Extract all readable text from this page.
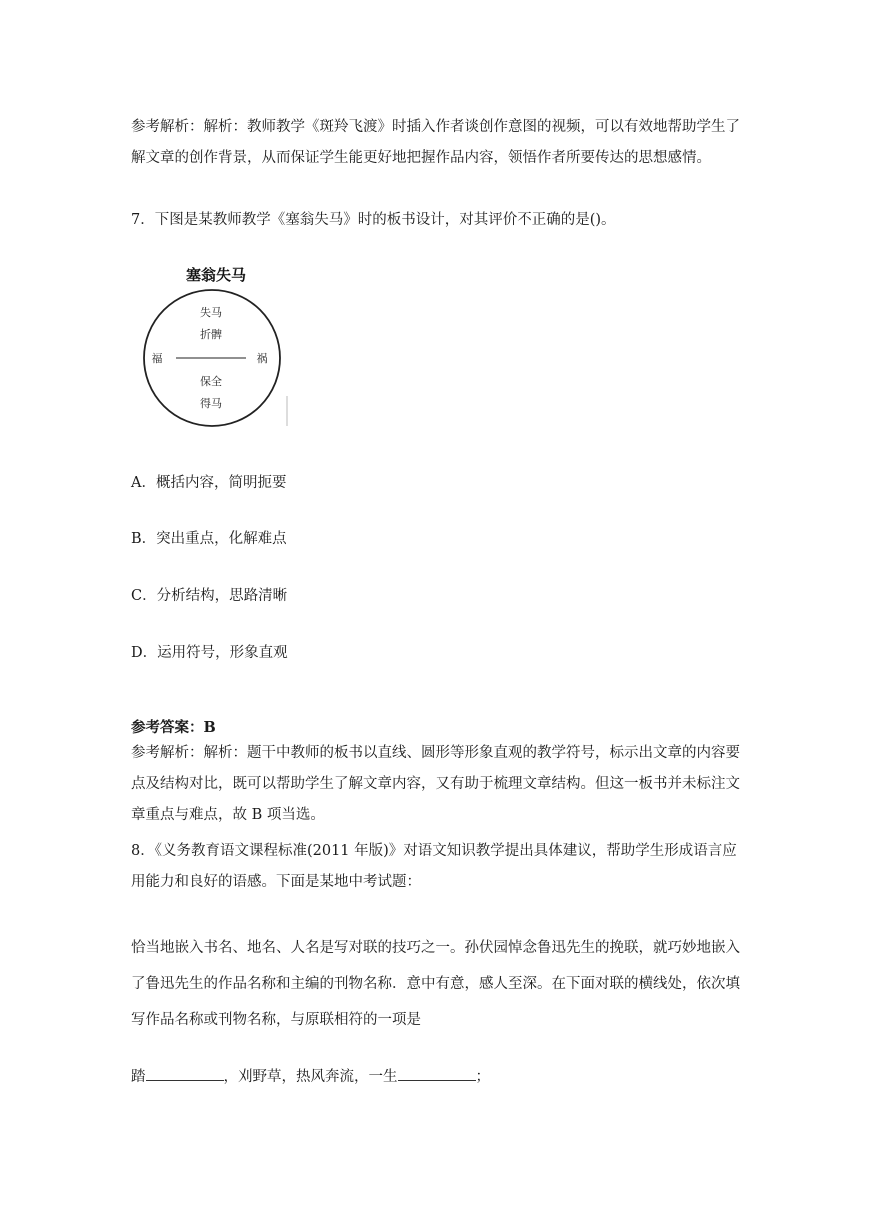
参考解析：解析：教师教学《斑羚飞渡》时插入作者谈创作意图的视频，可以有效地帮助学生了解文章的创作背景，从而保证学生能更好地把握作品内容，领悟作者所要传达的思想感情。

7．下图是某教师教学《塞翁失马》时的板书设计，对其评价不正确的是()。

塞翁失马
失马
折髀
福	祸
保全
得马
A．概括内容，简明扼要
B．突出重点，化解难点
C．分析结构，思路清晰
D．运用符号，形象直观
参考答案：B

参考解析：解析：题干中教师的板书以直线、圆形等形象直观的教学符号，标示出文章的内容要点及结构对比，既可以帮助学生了解文章内容，又有助于梳理文章结构。但这一板书并未标注文章重点与难点，故 B 项当选。

8．《义务教育语文课程标准(2011 年版)》对语文知识教学提出具体建议，帮助学生形成语言应用能力和良好的语感。下面是某地中考试题：

恰当地嵌入书名、地名、人名是写对联的技巧之一。孙伏园悼念鲁迅先生的挽联，就巧妙地嵌入了鲁迅先生的作品名称和主编的刊物名称．意中有意，感人至深。在下面对联的横线处，依次填写作品名称或刊物名称，与原联相符的一项是

踏	，刈野草，热风奔流，一生	；
